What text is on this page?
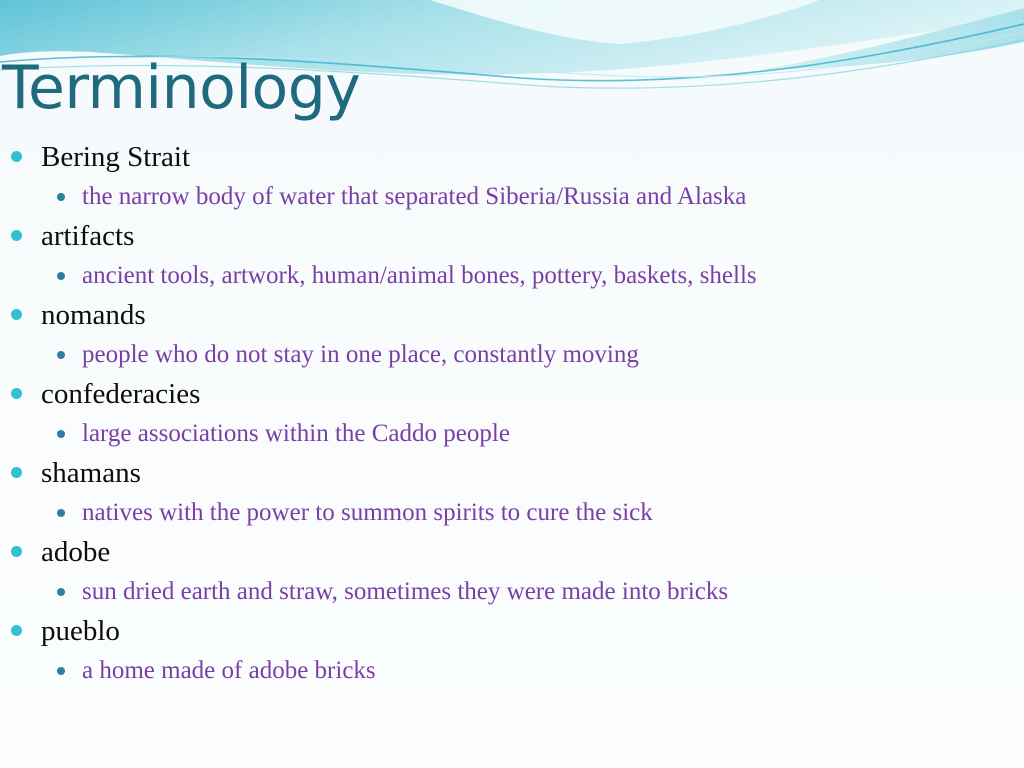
Terminology
Bering Strait
the narrow body of water that separated Siberia/Russia and Alaska
artifacts
ancient tools, artwork, human/animal bones, pottery, baskets, shells
nomands
people who do not stay in one place, constantly moving
confederacies
large associations within the Caddo people
shamans
natives with the power to summon spirits to cure the sick
adobe
sun dried earth and straw, sometimes they were made into bricks
pueblo
a home made of adobe bricks
